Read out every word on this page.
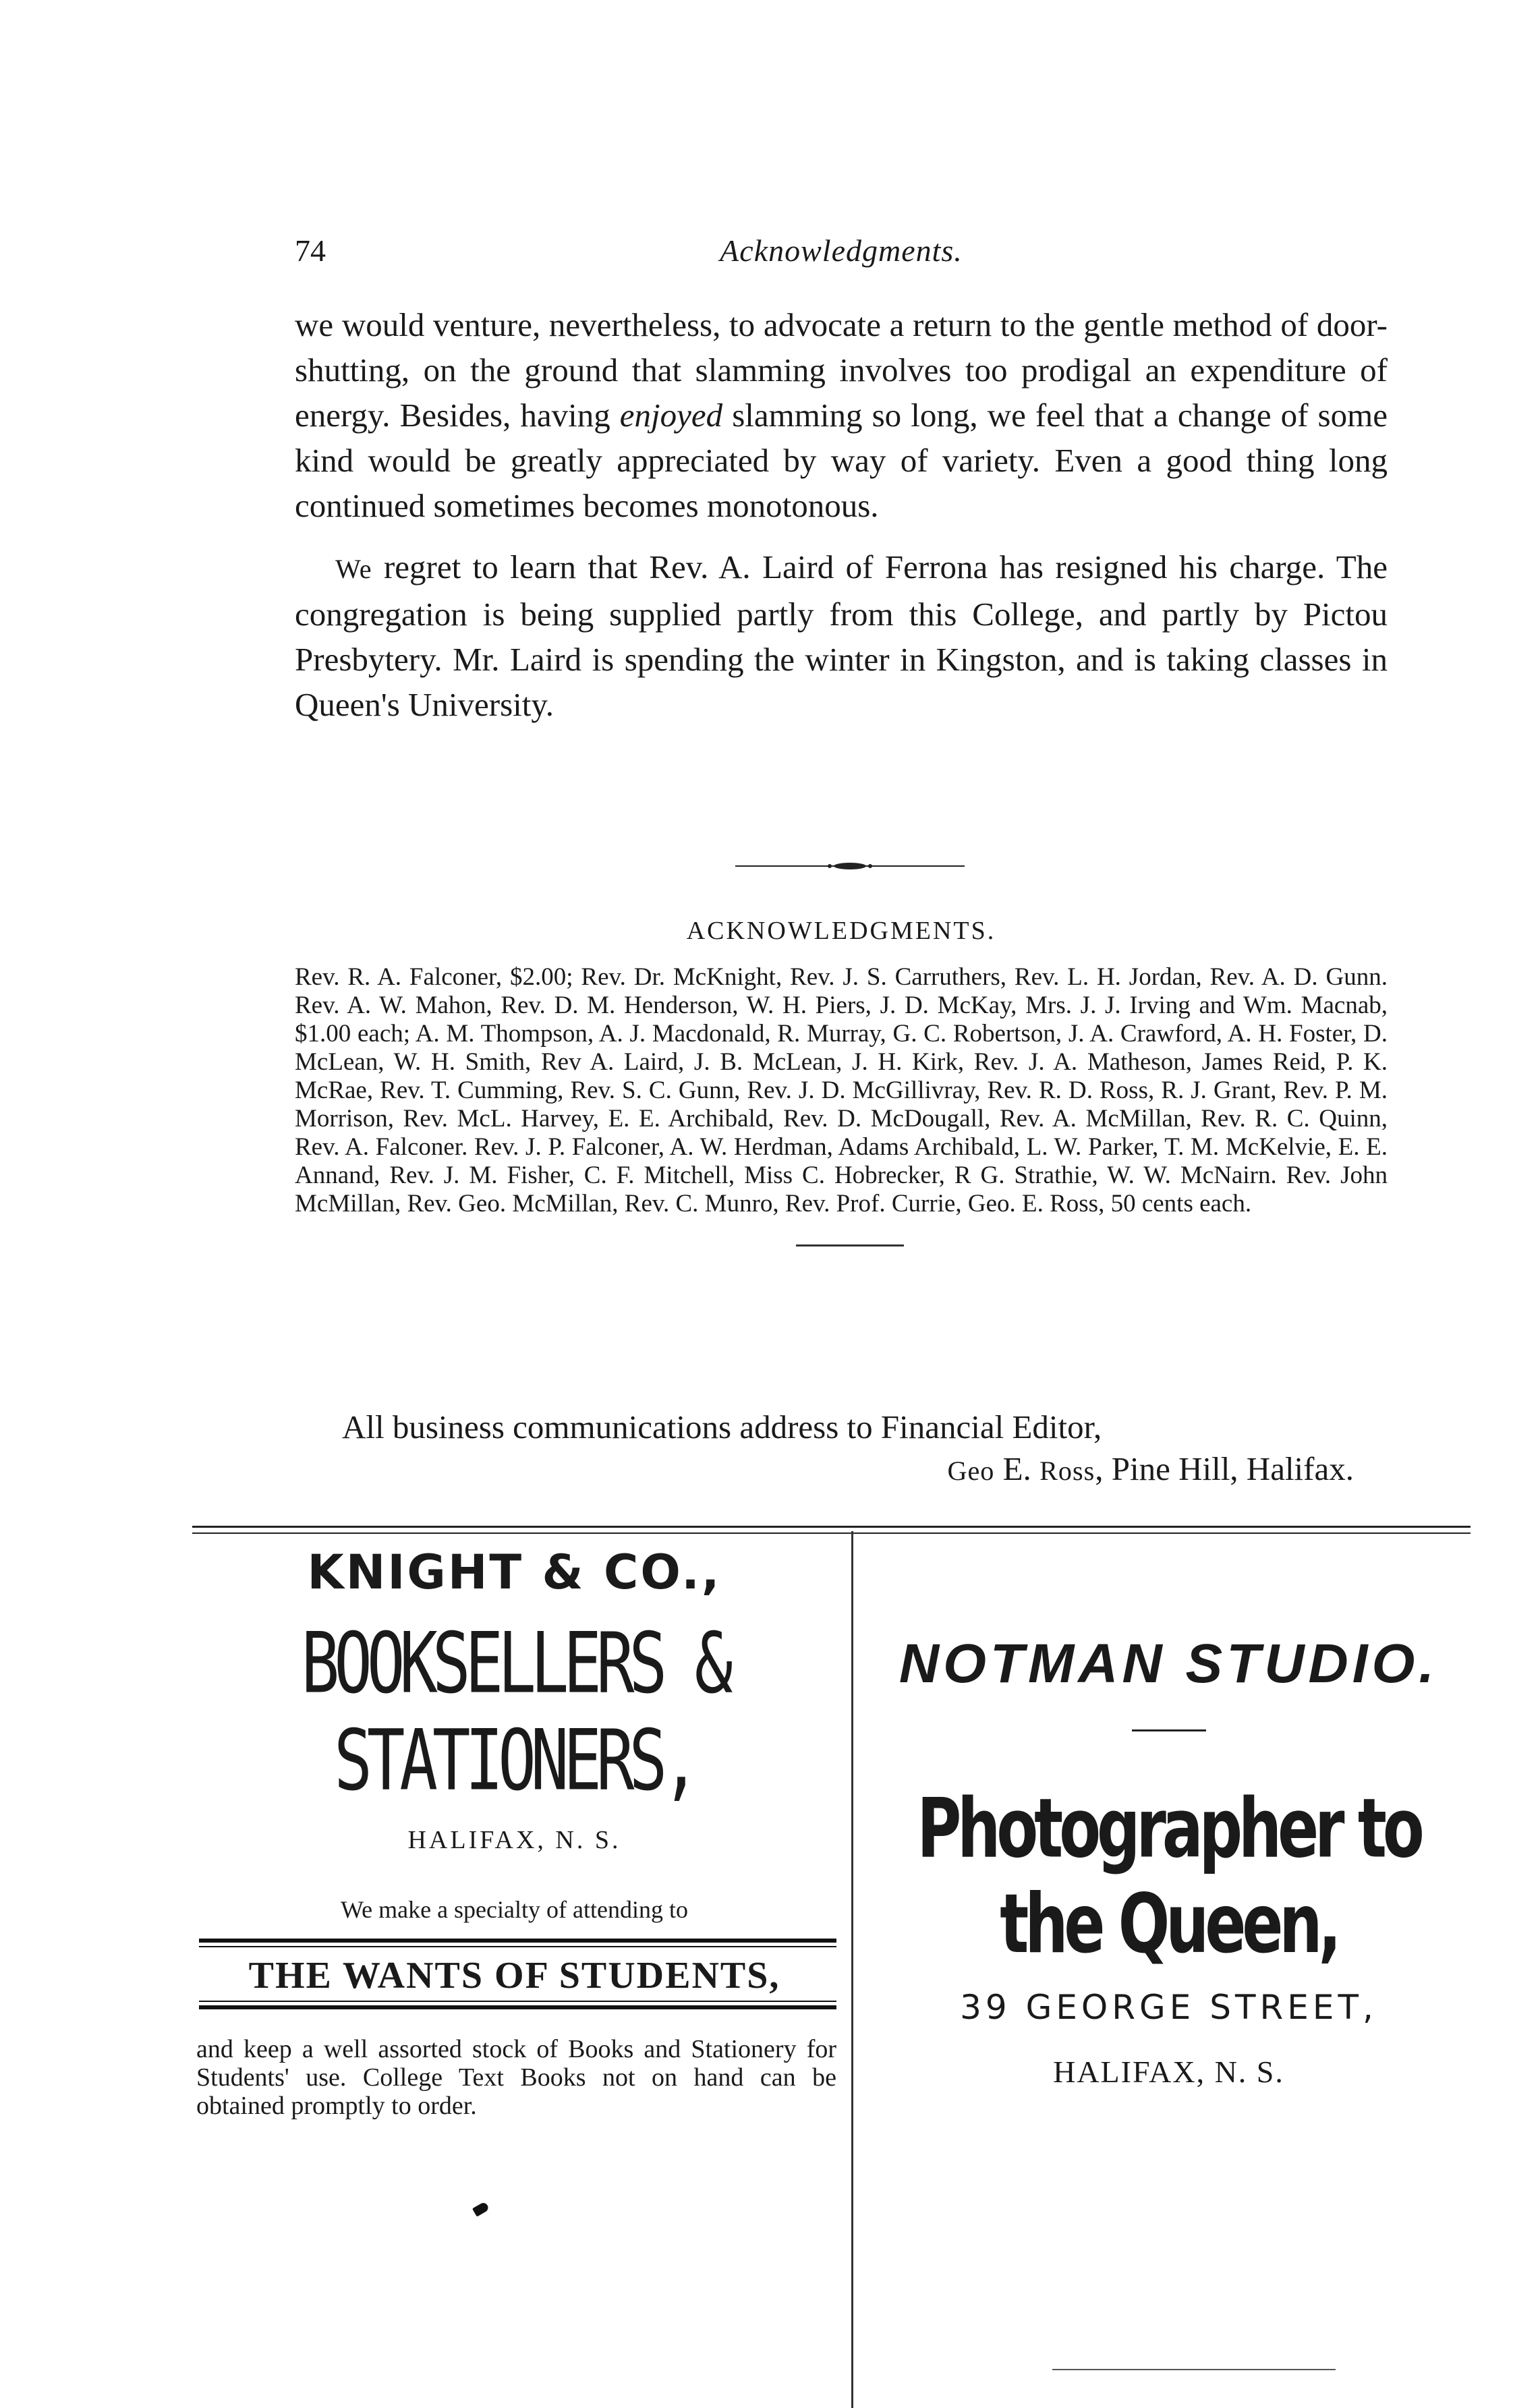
74	Acknowledgments.

we would venture, nevertheless, to advocate a return to the gentle method of door-shutting, on the ground that slamming involves too prodigal an expenditure of energy. Besides, having enjoyed slamming so long, we feel that a change of some kind would be greatly appreciated by way of variety. Even a good thing long continued sometimes becomes monotonous.

We regret to learn that Rev. A. Laird of Ferrona has resigned his charge. The congregation is being supplied partly from this College, and partly by Pictou Presbytery. Mr. Laird is spending the winter in Kingston, and is taking classes in Queen's University.

ACKNOWLEDGMENTS.
Rev. R. A. Falconer, $2.00; Rev. Dr. McKnight, Rev. J. S. Carruthers, Rev. L. H. Jordan, Rev. A. D. Gunn. Rev. A. W. Mahon, Rev. D. M. Henderson, W. H. Piers, J. D. McKay, Mrs. J. J. Irving and Wm. Macnab, $1.00 each; A. M. Thompson, A. J. Macdonald, R. Murray, G. C. Robertson, J. A. Crawford, A. H. Foster, D. McLean, W. H. Smith, Rev A. Laird, J. B. McLean, J. H. Kirk, Rev. J. A. Matheson, James Reid, P. K. McRae, Rev. T. Cumming, Rev. S. C. Gunn, Rev. J. D. McGillivray, Rev. R. D. Ross, R. J. Grant, Rev. P. M. Morrison, Rev. McL. Harvey, E. E. Archibald, Rev. D. McDougall, Rev. A. McMillan, Rev. R. C. Quinn, Rev. A. Falconer. Rev. J. P. Falconer, A. W. Herdman, Adams Archibald, L. W. Parker, T. M. McKelvie, E. E. Annand, Rev. J. M. Fisher, C. F. Mitchell, Miss C. Hobrecker, R G. Strathie, W. W. McNairn. Rev. John McMillan, Rev. Geo. McMillan, Rev. C. Munro, Rev. Prof. Currie, Geo. E. Ross, 50 cents each.
All business communications address to Financial Editor,
Geo E. Ross, Pine Hill, Halifax.
KNIGHT & CO.,
BOOKSELLERS & STATIONERS,
HALIFAX, N. S.
We make a specialty of attending to
THE WANTS OF STUDENTS,
and keep a well assorted stock of Books and Stationery for Students' use. College Text Books not on hand can be obtained promptly to order.
NOTMAN STUDIO.
Photographer to the Queen,
39 GEORGE STREET,
HALIFAX, N. S.
